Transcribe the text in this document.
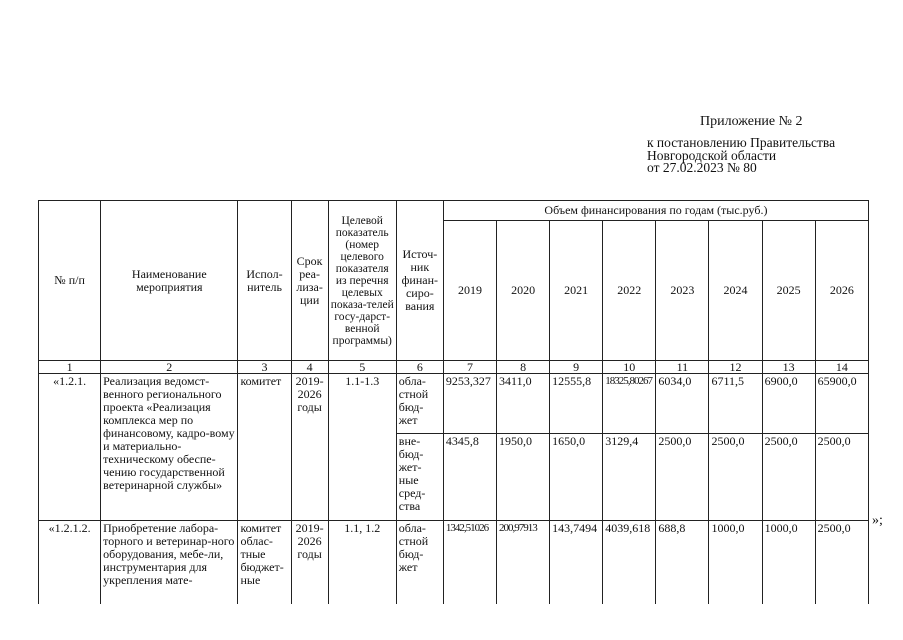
Приложение № 2
к постановлению Правительства
Новгородской области
от 27.02.2023 № 80
№ п/п	Наименование мероприятия	Испол-нитель	Срок реа-лиза-ции	Целевой показатель (номер целевого показателя из перечня целевых показа-телей госу-дарст-венной программы)	Источ-ник финан-сиро-вания	Объем финансирования по годам (тыс.руб.)							
						2019	2020	2021	2022	2023	2024	2025	2026
1	2	3	4	5	6	7	8	9	10	11	12	13	14
«1.2.1.	Реализация ведомст-венного регионального проекта «Реализация комплекса мер по финансовому, кадро-вому и материально-техническому обеспе-чению государственной ветеринарной службы»	комитет	2019-2026 годы	1.1-1.3	обла-стной бюд-жет	9253,327	3411,0	12555,8	18325,80267	6034,0	6711,5	6900,0	65900,0
					вне-бюд-жет-ные сред-ства	4345,8	1950,0	1650,0	3129,4	2500,0	2500,0	2500,0	2500,0
«1.2.1.2.	Приобретение лабора-торного и ветеринар-ного оборудования, мебе-ли, инструментария для укрепления мате-	комитет облас-тные бюджет-ные	2019-2026 годы	1.1, 1.2	обла-стной бюд-жет	1342,51026	200,97913	143,7494	4039,618	688,8	1000,0	1000,0	2500,0 »;
